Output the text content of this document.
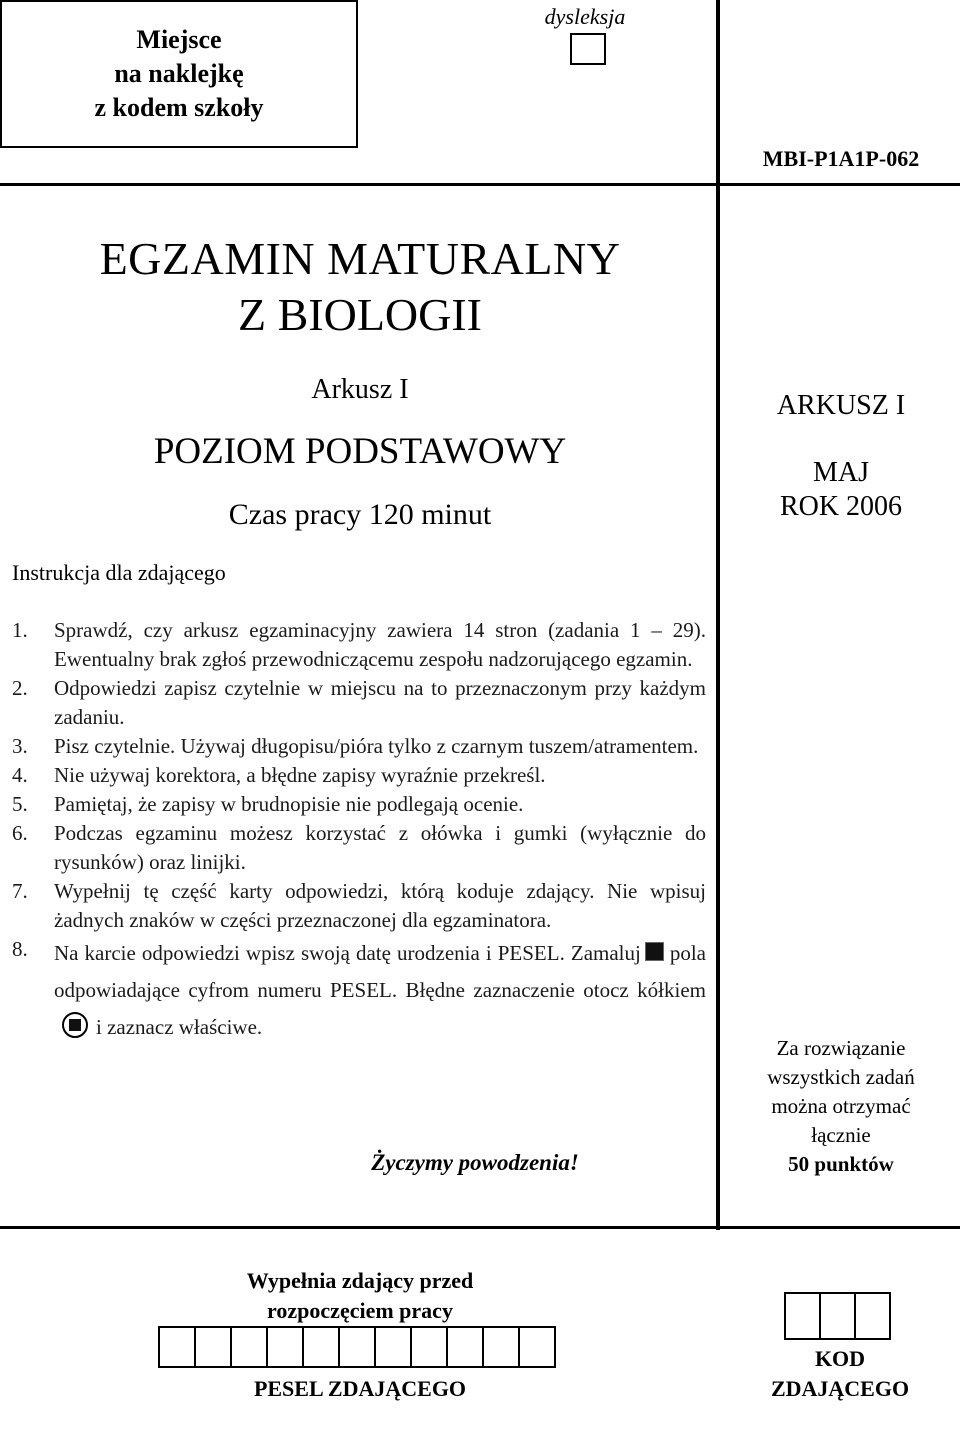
Miejsce
na naklejkę
z kodem szkoły
dysleksja
MBI-P1A1P-062
EGZAMIN MATURALNY
Z BIOLOGII
Arkusz I
POZIOM PODSTAWOWY
Czas pracy 120 minut
ARKUSZ I
MAJ
ROK 2006
Instrukcja dla zdającego
1.	Sprawdź, czy arkusz egzaminacyjny zawiera 14 stron (zadania 1 – 29). Ewentualny brak zgłoś przewodniczącemu zespołu nadzorującego egzamin.
2.	Odpowiedzi zapisz czytelnie w miejscu na to przeznaczonym przy każdym zadaniu.
3.	Pisz czytelnie. Używaj długopisu/pióra tylko z czarnym tuszem/atramentem.
4.	Nie używaj korektora, a błędne zapisy wyraźnie przekreśl.
5.	Pamiętaj, że zapisy w brudnopisie nie podlegają ocenie.
6.	Podczas egzaminu możesz korzystać z ołówka i gumki (wyłącznie do rysunków) oraz linijki.
7.	Wypełnij tę część karty odpowiedzi, którą koduje zdający. Nie wpisuj żadnych znaków w części przeznaczonej dla egzaminatora.
8.	Na karcie odpowiedzi wpisz swoją datę urodzenia i PESEL. Zamaluj pola odpowiadające cyfrom numeru PESEL. Błędne zaznaczenie otocz kółkiemi zaznacz właściwe.
Życzymy powodzenia!
Za rozwiązanie
wszystkich zadań
można otrzymać
łącznie
50 punktów
Wypełnia zdający przed
rozpoczęciem pracy
PESEL ZDAJĄCEGO
KOD
ZDAJĄCEGO
